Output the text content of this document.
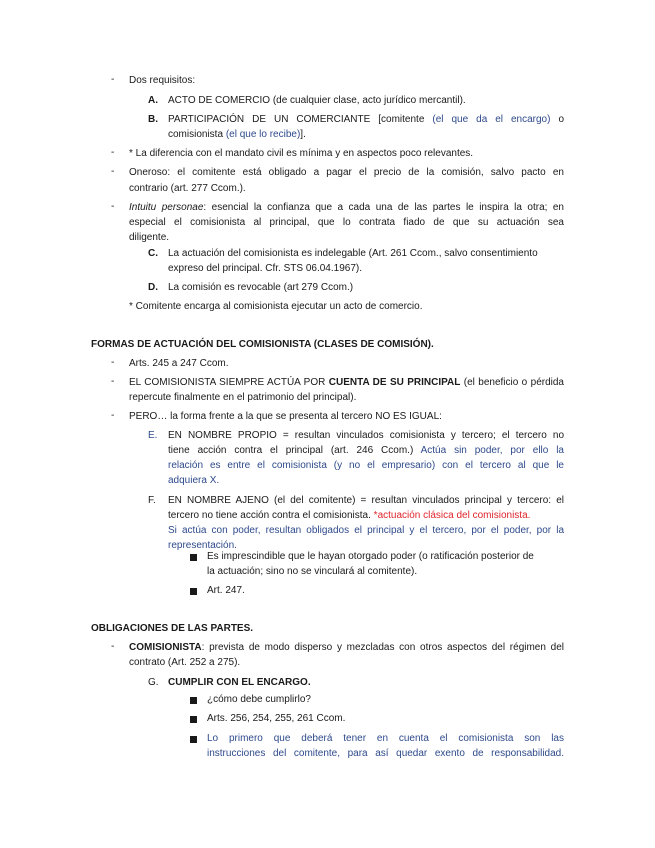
- Dos requisitos:

A. ACTO DE COMERCIO (de cualquier clase, acto jurídico mercantil).

B. PARTICIPACIÓN DE UN COMERCIANTE [comitente (el que da el encargo) o

comisionista (el que lo recibe)].

- * La diferencia con el mandato civil es mínima y en aspectos poco relevantes.

- Oneroso: el comitente está obligado a pagar el precio de la comisión, salvo pacto en

contrario (art. 277 Ccom.).

- Intuitu personae: esencial la confianza que a cada una de las partes le inspira la otra; en

especial el comisionista al principal, que lo contrata fiado de que su actuación sea

diligente.

C. La actuación del comisionista es indelegable (Art. 261 Ccom., salvo consentimiento

expreso del principal. Cfr. STS 06.04.1967).

D. La comisión es revocable (art 279 Ccom.)

* Comitente encarga al comisionista ejecutar un acto de comercio.

FORMAS DE ACTUACIÓN DEL COMISIONISTA (CLASES DE COMISIÓN).

- Arts. 245 a 247 Ccom.

- EL COMISIONISTA SIEMPRE ACTÚA POR CUENTA DE SU PRINCIPAL (el beneficio o pérdida

repercute finalmente en el patrimonio del principal).

- PERO… la forma frente a la que se presenta al tercero NO ES IGUAL:

E. EN NOMBRE PROPIO = resultan vinculados comisionista y tercero; el tercero no

tiene acción contra el principal (art. 246 Ccom.) Actúa sin poder, por ello la

relación es entre el comisionista (y no el empresario) con el tercero al que le

adquiera X.

F. EN NOMBRE AJENO (el del comitente) = resultan vinculados principal y tercero: el

tercero no tiene acción contra el comisionista. *actuación clásica del comisionista.

Si actúa con poder, resultan obligados el principal y el tercero, por el poder, por la

representación.

Es imprescindible que le hayan otorgado poder (o ratificación posterior de

la actuación; sino no se vinculará al comitente).

Art. 247.

OBLIGACIONES DE LAS PARTES.

- COMISIONISTA: prevista de modo disperso y mezcladas con otros aspectos del régimen del

contrato (Art. 252 a 275).

G. CUMPLIR CON EL ENCARGO.

¿cómo debe cumplirlo?

Arts. 256, 254, 255, 261 Ccom.

Lo primero que deberá tener en cuenta el comisionista son las

instrucciones del comitente, para así quedar exento de responsabilidad.
